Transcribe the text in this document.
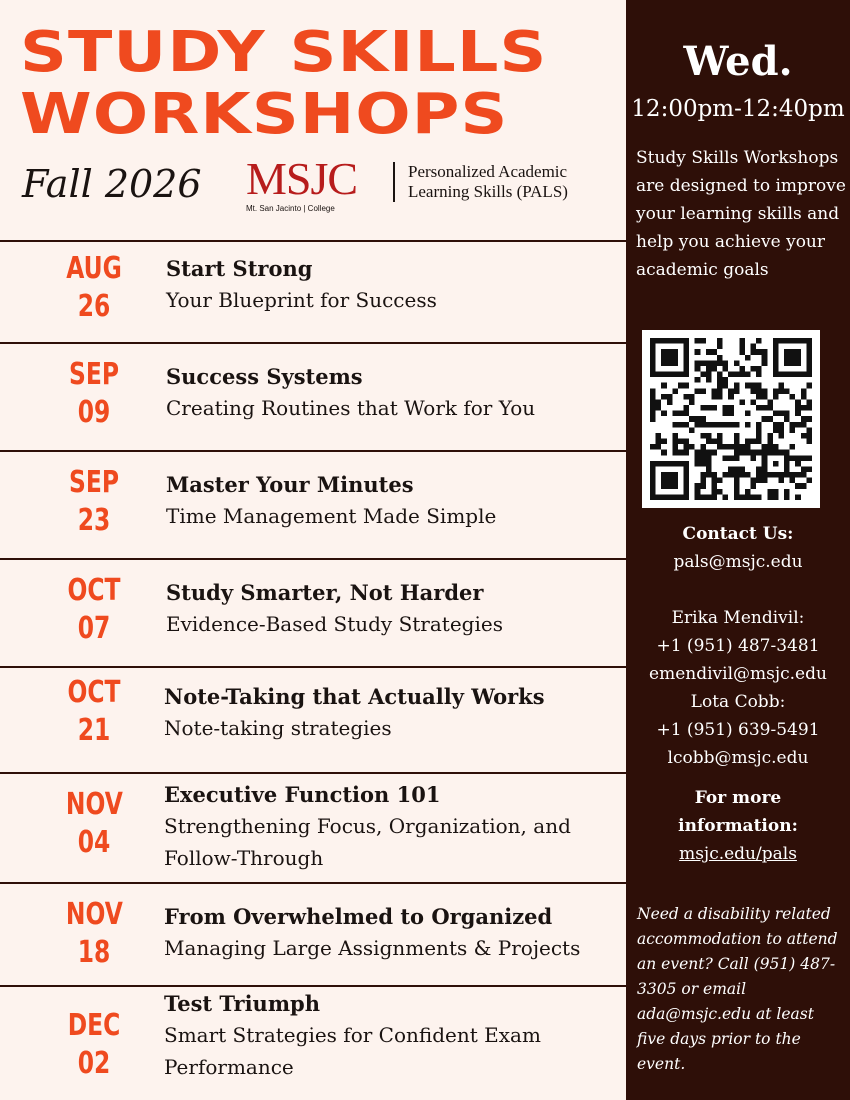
STUDY SKILLS
WORKSHOPS
Fall 2026 MSJC
Mt. San Jacinto | College
Personalized Academic
Learning Skills (PALS)
AUG
26
Start Strong
Your Blueprint for Success
SEP
09
Success Systems
Creating Routines that Work for You
SEP
23
Master Your Minutes
Time Management Made Simple
OCT
07
Study Smarter, Not Harder
Evidence-Based Study Strategies
OCT
21
Note-Taking that Actually Works
Note-taking strategies
NOV
04
Executive Function 101
Strengthening Focus, Organization, and Follow-Through
NOV
18
From Overwhelmed to Organized
Managing Large Assignments & Projects
DEC
02
Test Triumph
Smart Strategies for Confident Exam Performance
Wed.
12:00pm-12:40pm
Study Skills Workshops are designed to improve your learning skills and help you achieve your academic goals
Contact Us:
pals@msjc.edu
Erika Mendivil:
+1 (951) 487-3481
emendivil@msjc.edu
Lota Cobb:
+1 (951) 639-5491
lcobb@msjc.edu
For more
information:
msjc.edu/pals
Need a disability related accommodation to attend an event? Call (951) 487-3305 or email ada@msjc.edu at least five days prior to the event.
